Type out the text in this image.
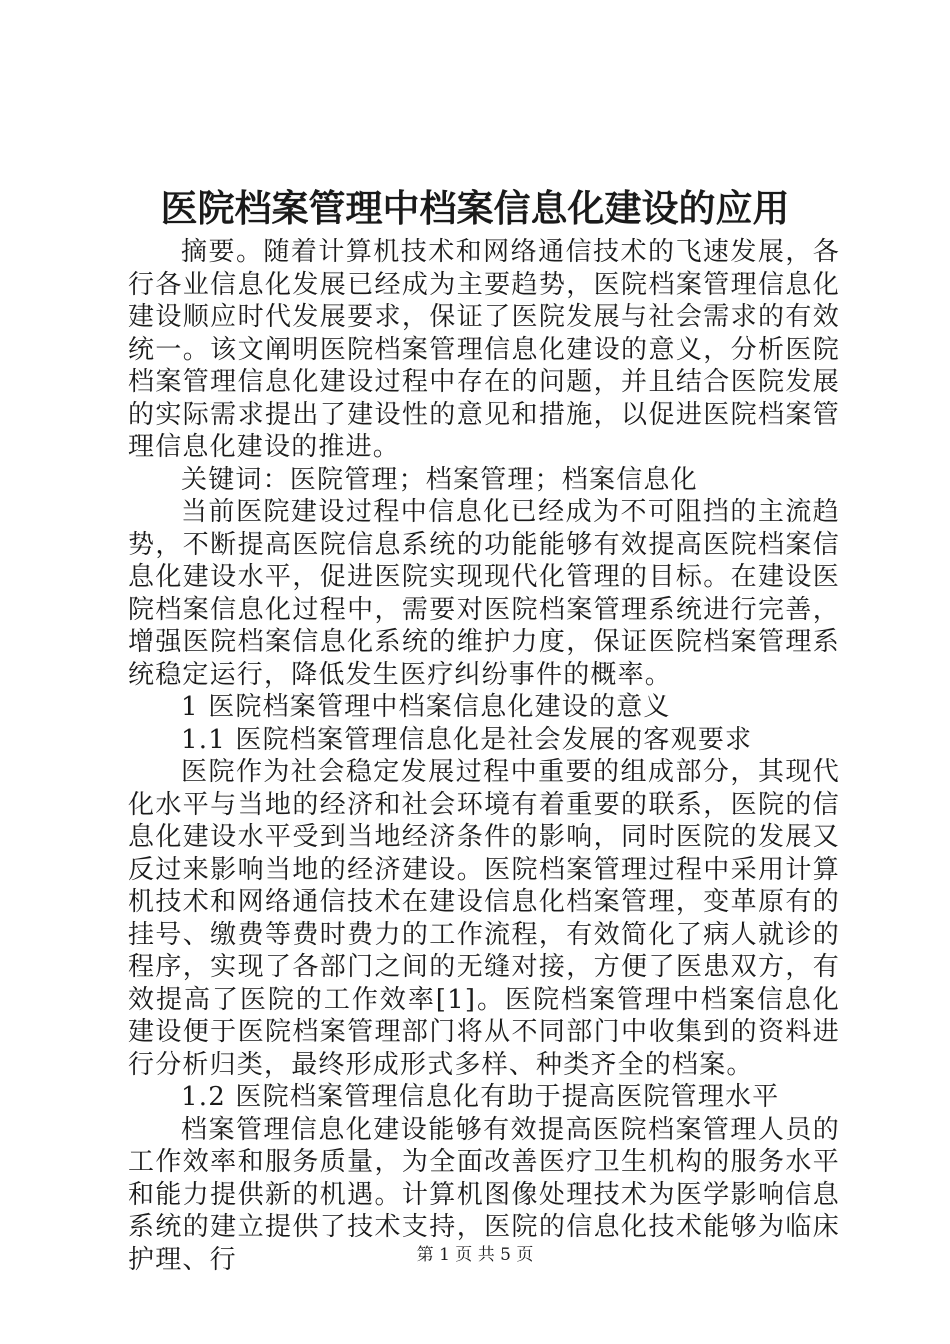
医院档案管理中档案信息化建设的应用

摘要。随着计算机技术和网络通信技术的飞速发展，各行各业信息化发展已经成为主要趋势，医院档案管理信息化建设顺应时代发展要求，保证了医院发展与社会需求的有效统一。该文阐明医院档案管理信息化建设的意义，分析医院档案管理信息化建设过程中存在的问题，并且结合医院发展的实际需求提出了建设性的意见和措施，以促进医院档案管理信息化建设的推进。

关键词：医院管理；档案管理；档案信息化

当前医院建设过程中信息化已经成为不可阻挡的主流趋势，不断提高医院信息系统的功能能够有效提高医院档案信息化建设水平，促进医院实现现代化管理的目标。在建设医院档案信息化过程中，需要对医院档案管理系统进行完善，增强医院档案信息化系统的维护力度，保证医院档案管理系统稳定运行，降低发生医疗纠纷事件的概率。

1 医院档案管理中档案信息化建设的意义

1.1 医院档案管理信息化是社会发展的客观要求

医院作为社会稳定发展过程中重要的组成部分，其现代化水平与当地的经济和社会环境有着重要的联系，医院的信息化建设水平受到当地经济条件的影响，同时医院的发展又反过来影响当地的经济建设。医院档案管理过程中采用计算机技术和网络通信技术在建设信息化档案管理，变革原有的挂号、缴费等费时费力的工作流程，有效简化了病人就诊的程序，实现了各部门之间的无缝对接，方便了医患双方，有效提高了医院的工作效率[1]。医院档案管理中档案信息化建设便于医院档案管理部门将从不同部门中收集到的资料进行分析归类，最终形成形式多样、种类齐全的档案。

1.2 医院档案管理信息化有助于提高医院管理水平

档案管理信息化建设能够有效提高医院档案管理人员的工作效率和服务质量，为全面改善医疗卫生机构的服务水平和能力提供新的机遇。计算机图像处理技术为医学影响信息系统的建立提供了技术支持，医院的信息化技术能够为临床护理、行	第 1 页 共 5 页
